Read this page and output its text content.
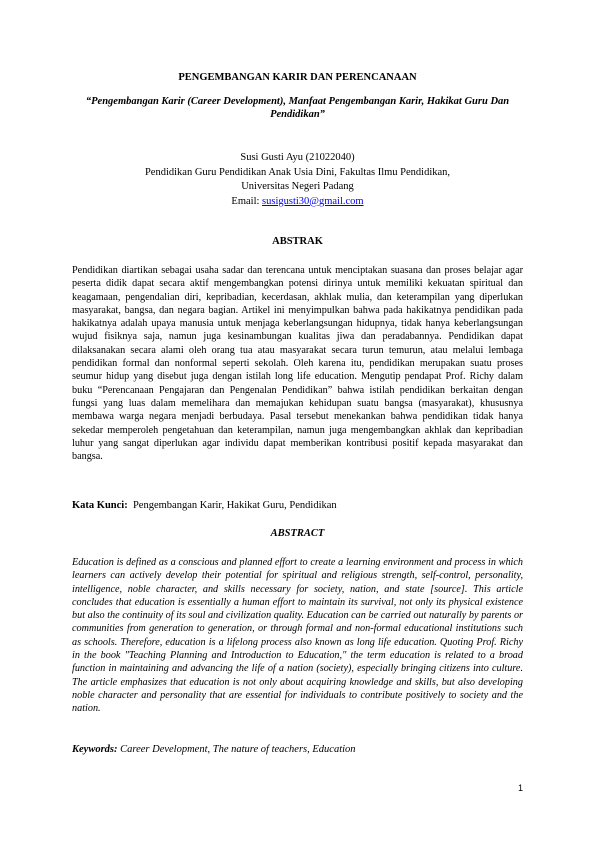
PENGEMBANGAN KARIR DAN PERENCANAAN
“Pengembangan Karir (Career Development), Manfaat Pengembangan Karir, Hakikat Guru Dan Pendidikan”
Susi Gusti Ayu (21022040)
Pendidikan Guru Pendidikan Anak Usia Dini, Fakultas Ilmu Pendidikan,
Universitas Negeri Padang
Email: susigusti30@gmail.com
ABSTRAK
Pendidikan diartikan sebagai usaha sadar dan terencana untuk menciptakan suasana dan proses belajar agar peserta didik dapat secara aktif mengembangkan potensi dirinya untuk memiliki kekuatan spiritual dan keagamaan, pengendalian diri, kepribadian, kecerdasan, akhlak mulia, dan keterampilan yang diperlukan masyarakat, bangsa, dan negara bagian. Artikel ini menyimpulkan bahwa pada hakikatnya pendidikan pada hakikatnya adalah upaya manusia untuk menjaga keberlangsungan hidupnya, tidak hanya keberlangsungan wujud fisiknya saja, namun juga kesinambungan kualitas jiwa dan peradabannya. Pendidikan dapat dilaksanakan secara alami oleh orang tua atau masyarakat secara turun temurun, atau melalui lembaga pendidikan formal dan nonformal seperti sekolah. Oleh karena itu, pendidikan merupakan suatu proses seumur hidup yang disebut juga dengan istilah long life education. Mengutip pendapat Prof. Richy dalam buku “Perencanaan Pengajaran dan Pengenalan Pendidikan” bahwa istilah pendidikan berkaitan dengan fungsi yang luas dalam memelihara dan memajukan kehidupan suatu bangsa (masyarakat), khususnya membawa warga negara menjadi berbudaya. Pasal tersebut menekankan bahwa pendidikan tidak hanya sekedar memperoleh pengetahuan dan keterampilan, namun juga mengembangkan akhlak dan kepribadian luhur yang sangat diperlukan agar individu dapat memberikan kontribusi positif kepada masyarakat dan bangsa.
Kata Kunci: Pengembangan Karir, Hakikat Guru, Pendidikan
ABSTRACT
Education is defined as a conscious and planned effort to create a learning environment and process in which learners can actively develop their potential for spiritual and religious strength, self-control, personality, intelligence, noble character, and skills necessary for society, nation, and state [source]. This article concludes that education is essentially a human effort to maintain its survival, not only its physical existence but also the continuity of its soul and civilization quality. Education can be carried out naturally by parents or communities from generation to generation, or through formal and non-formal educational institutions such as schools. Therefore, education is a lifelong process also known as long life education. Quoting Prof. Richy in the book "Teaching Planning and Introduction to Education," the term education is related to a broad function in maintaining and advancing the life of a nation (society), especially bringing citizens into culture. The article emphasizes that education is not only about acquiring knowledge and skills, but also developing noble character and personality that are essential for individuals to contribute positively to society and the nation.
Keywords: Career Development, The nature of teachers, Education
1
